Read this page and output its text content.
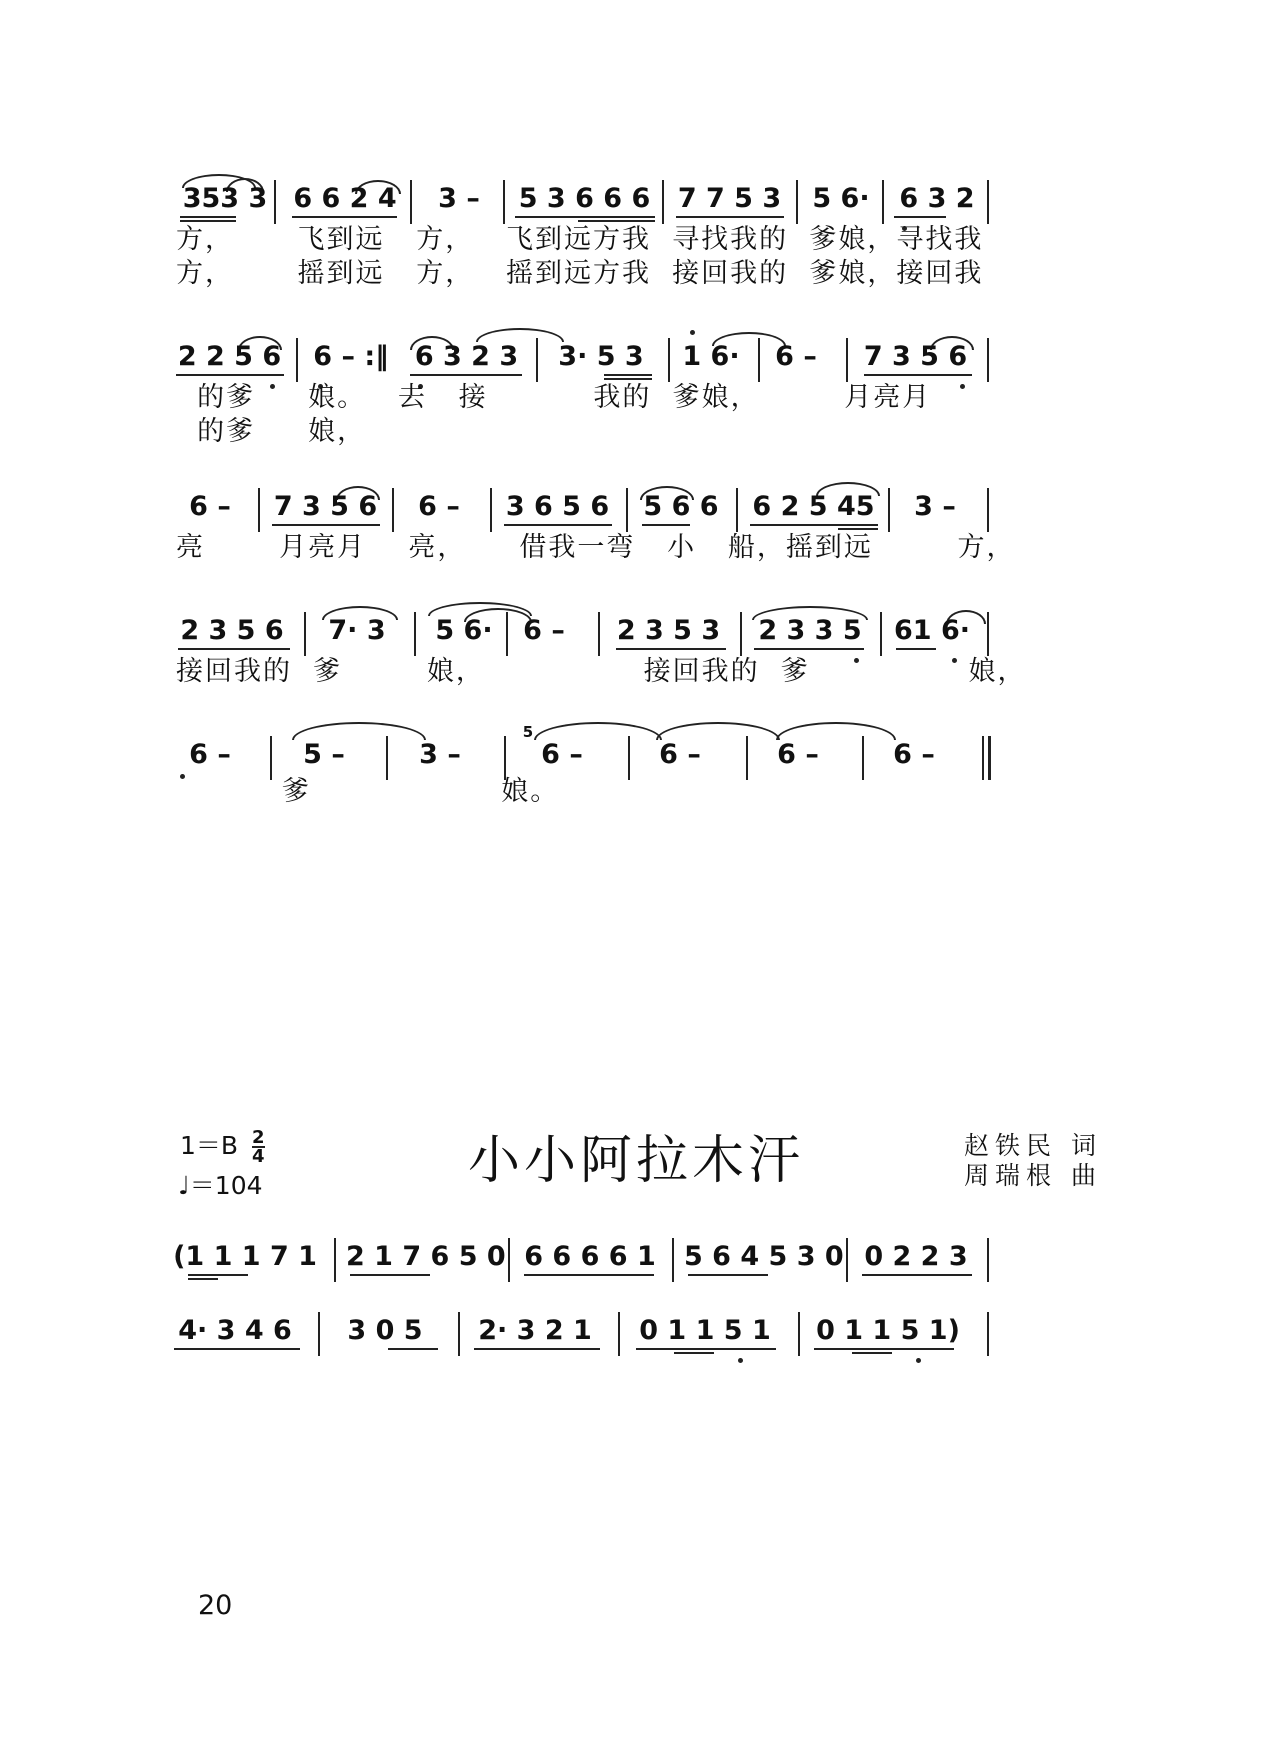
353 3 6 6 2 4	3 –	5 3 6 6 6 7 7 5 3 5 6· 6 3 2
方，      飞到远   方，   飞到远方我  寻找我的  爹娘，寻找我
方，      摇到远   方，   摇到远方我  接回我的  爹娘，接回我
2 2 5 6 6 – :‖ 6 3 2 3	3· 5 3	1 6·	6 –	7 3 5 6
的爹     娘。   去   接          我的  爹娘，        月亮月
的爹     娘，
6 –	7 3 5 6	6 –	3 6 5 6 5 6 6 6 2 5 45	3 –
亮       月亮月    亮，     借我一弯   小   船，摇到远        方，
2 3 5 6	7· 3	5 6·	6 –	2 3 5 3	2 3 3 5	61 6·
接回我的  爹        娘，               接回我的  爹               娘，
6 –	5 –	3 –
5
6 –	6 –	6 –	6 –
爹                  娘。
小小阿拉木汗
$1=B \frac{2}{4}$
♩＝104
赵铁民 词
周瑞根 曲
(1 1 1 7 1 2 1 7 6 5 0 6 6 6 6 1 5 6 4 5 3 0 0 2 2 3
4· 3 4 6	3 0 5	2· 3 2 1	0 1 1 5 1	0 1 1 5 1)
20
